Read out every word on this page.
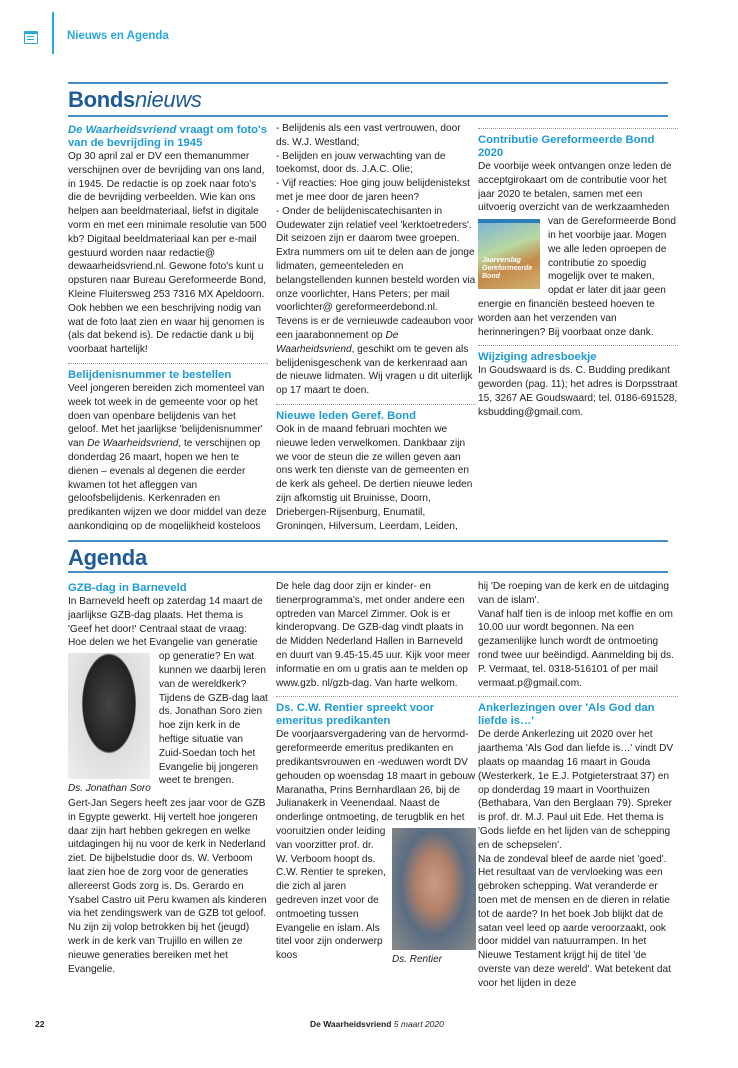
Nieuws en Agenda
Bondsnieuws
De Waarheidsvriend vraagt om foto's van de bevrijding in 1945

Op 30 april zal er DV een themanummer verschijnen over de bevrijding van ons land, in 1945. De redactie is op zoek naar foto's die de bevrijding verbeelden. Wie kan ons helpen aan beeldmateriaal, liefst in digitale vorm en met een minimale resolutie van 500 kb? Digitaal beeldmateriaal kan per e-mail gestuurd worden naar redactie@ dewaarheidsvriend.nl. Gewone foto's kunt u opsturen naar Bureau Gereformeerde Bond, Kleine Fluitersweg 253 7316 MX Apeldoorn. Ook hebben we een beschrijving nodig van wat de foto laat zien en waar hij genomen is (als dat bekend is). De redactie dank u bij voorbaat hartelijk!

Belijdenisnummer te bestellen

Veel jongeren bereiden zich momenteel van week tot week in de gemeente voor op het doen van openbare belijdenis van het geloof. Met het jaarlijkse 'belijdenisnummer' van De Waarheidsvriend, te verschijnen op donderdag 26 maart, hopen we hen te dienen – evenals al degenen die eerder kwamen tot het afleggen van geloofsbelijdenis. Kerkenraden en predikanten wijzen we door middel van deze aankondiging op de mogelijkheid kosteloos

- Belijdenis als een vast vertrouwen, door ds. W.J. Westland;

- Belijden en jouw verwachting van de toekomst, door ds. J.A.C. Olie;

- Vijf reacties: Hoe ging jouw belijdenistekst met je mee door de jaren heen?

- Onder de belijdeniscatechisanten in Oudewater zijn relatief veel 'kerktoetreders'. Dit seizoen zijn er daarom twee groepen.

Extra nummers om uit te delen aan de jonge lidmaten, gemeenteleden en belangstellenden kunnen besteld worden via onze voorlichter, Hans Peters; per mail voorlichter@ gereformeerdebond.nl.

Tevens is er de vernieuwde cadeaubon voor een jaarabonnement op De Waarheidsvriend, geschikt om te geven als belijdenisgeschenk van de kerkenraad aan de nieuwe lidmaten. Wij vragen u dit uiterlijk op 17 maart te doen.

Nieuwe leden Geref. Bond

Ook in de maand februari mochten we nieuwe leden verwelkomen. Dankbaar zijn we voor de steun die ze willen geven aan ons werk ten dienste van de gemeenten en de kerk als geheel. De dertien nieuwe leden zijn afkomstig uit Bruinisse, Doorn, Driebergen-Rijsenburg, Enumatil, Groningen, Hilversum, Leerdam, Leiden,

Contributie Gereformeerde Bond 2020

De voorbije week ontvangen onze leden de acceptgirokaart om de contributie voor het jaar 2020 te betalen, samen met een uitvoerig overzicht van de werkzaamheden

Jaarverslag Gereformeerde Bond

van de Gereformeerde Bond in het voorbije jaar. Mogen we alle leden oproepen de contributie zo spoedig mogelijk over te maken, opdat er later dit jaar geen energie en financiën besteed hoeven te worden aan het verzenden van herinneringen? Bij voorbaat onze dank.

Wijziging adresboekje

In Goudswaard is ds. C. Budding predikant geworden (pag. 11); het adres is Dorpsstraat 15, 3267 AE Goudswaard; tel. 0186-691528, ksbudding@gmail.com.

Agenda
GZB-dag in Barneveld
Ds. Jonathan Soro
In Barneveld heeft op zaterdag 14 maart de jaarlijkse GZB-dag plaats. Het thema is 'Geef het door!' Centraal staat de vraag: Hoe delen we het Evangelie van generatie op generatie? En wat kunnen we daarbij leren van de wereldkerk? Tijdens de GZB-dag laat ds. Jonathan Soro zien hoe zijn kerk in de heftige situatie van Zuid-Soedan toch het Evangelie bij jongeren weet te brengen.

Gert-Jan Segers heeft zes jaar voor de GZB in Egypte gewerkt. Hij vertelt hoe jongeren daar zijn hart hebben gekregen en welke uitdagingen hij nu voor de kerk in Nederland ziet. De bijbelstudie door ds. W. Verboom laat zien hoe de zorg voor de generaties allereerst Gods zorg is. Ds. Gerardo en Ysabel Castro uit Peru kwamen als kinderen via het zendingswerk van de GZB tot geloof. Nu zijn zij volop betrokken bij het (jeugd) werk in de kerk van Trujillo en willen ze nieuwe generaties bereiken met het Evangelie.

De hele dag door zijn er kinder- en tienerprogramma's, met onder andere een optreden van Marcel Zimmer. Ook is er kinderopvang. De GZB-dag vindt plaats in de Midden Nederland Hallen in Barneveld en duurt van 9.45-15.45 uur. Kijk voor meer informatie en om u gratis aan te melden op www.gzb. nl/gzb-dag. Van harte welkom.

Ds. C.W. Rentier spreekt voor emeritus predikanten
Ds. Rentier
De voorjaarsvergadering van de hervormd-gereformeerde emeritus predikanten en predikantsvrouwen en -weduwen wordt DV gehouden op woensdag 18 maart in gebouw Maranatha, Prins Bernhardlaan 26, bij de Julianakerk in Veenendaal. Naast de onderlinge ontmoeting, de terugblik en het vooruitzien onder leiding van voorzitter prof. dr. W. Verboom hoopt ds. C.W. Rentier te spreken, die zich al jaren gedreven inzet voor de ontmoeting tussen Evangelie en islam. Als titel voor zijn onderwerp koos

hij 'De roeping van de kerk en de uitdaging van de islam'.

Vanaf half tien is de inloop met koffie en om 10.00 uur wordt begonnen. Na een gezamenlijke lunch wordt de ontmoeting rond twee uur beëindigd. Aanmelding bij ds. P. Vermaat, tel. 0318-516101 of per mail vermaat.p@gmail.com.

Ankerlezingen over 'Als God dan liefde is…'

De derde Ankerlezing uit 2020 over het jaarthema 'Als God dan liefde is…' vindt DV plaats op maandag 16 maart in Gouda (Westerkerk, 1e E.J. Potgieterstraat 37) en op donderdag 19 maart in Voorthuizen (Bethabara, Van den Berglaan 79). Spreker is prof. dr. M.J. Paul uit Ede. Het thema is 'Gods liefde en het lijden van de schepping en de schepselen'.

Na de zondeval bleef de aarde niet 'goed'. Het resultaat van de vervloeking was een gebroken schepping. Wat veranderde er toen met de mensen en de dieren in relatie tot de aarde? In het boek Job blijkt dat de satan veel leed op aarde veroorzaakt, ook door middel van natuurrampen. In het Nieuwe Testament krijgt hij de titel 'de overste van deze wereld'. Wat betekent dat voor het lijden in deze

22	De Waarheidsvriend 5 maart 2020
